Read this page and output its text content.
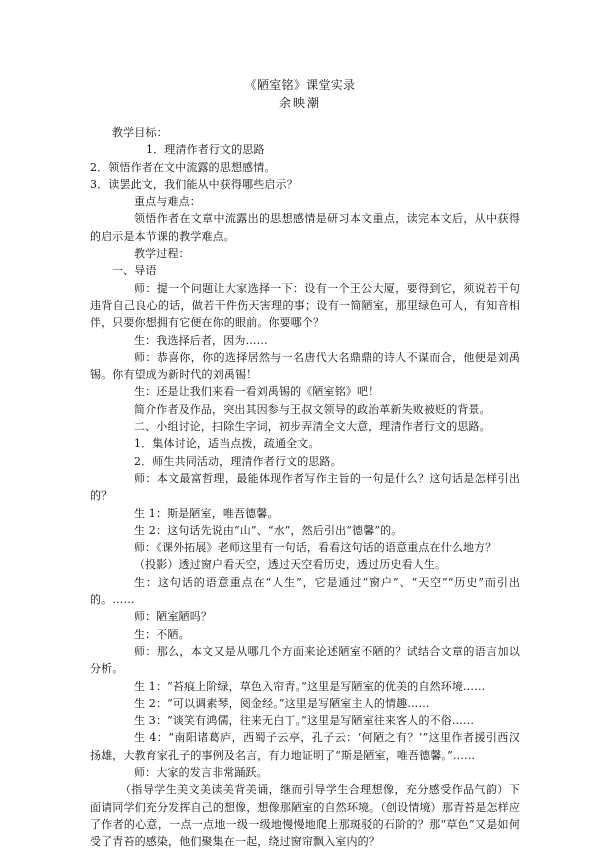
《陋室铭》课堂实录
余映潮

教学目标：

1．理清作者行文的思路

2．领悟作者在文中流露的思想感情。

3．读罢此文，我们能从中获得哪些启示？

重点与难点：

领悟作者在文章中流露出的思想感情是研习本文重点，读完本文后，从中获得的启示是本节课的教学难点。

教学过程：

一、导语

师：提一个问题让大家选择一下：设有一个王公大厦，要得到它，须说若干句违背自己良心的话，做若干件伤天害理的事；设有一简陋室，那里绿色可人，有知音相伴，只要你想拥有它便在你的眼前。你要哪个？

生：我选择后者，因为……

师：恭喜你，你的选择居然与一名唐代大名鼎鼎的诗人不谋而合，他便是刘禹锡。你有望成为新时代的刘禹锡！

生：还是让我们来看一看刘禹锡的《陋室铭》吧！

简介作者及作品，突出其因参与王叔文领导的政治革新失败被贬的背景。

二、小组讨论，扫除生字词，初步弄清全文大意，理清作者行文的思路。

1．集体讨论，适当点拨，疏通全文。

2．师生共同活动，理清作者行文的思路。

师：本文最富哲理，最能体现作者写作主旨的一句是什么？这句话是怎样引出的？

生 1：斯是陋室，唯吾德馨。

生 2：这句话先说由“山”、“水”，然后引出“德馨”的。

师：《课外拓展》老师这里有一句话，看看这句话的语意重点在什么地方？

（投影）透过窗户看天空，透过天空看历史，透过历史看人生。

生：这句话的语意重点在“人生”，它是通过“窗户”、“天空”“历史”而引出的。……

师：陋室陋吗？

生：不陋。

师：那么，本文又是从哪几个方面来论述陋室不陋的？试结合文章的语言加以分析。

生 1：“苔痕上阶绿，草色入帘青。”这里是写陋室的优美的自然环境……

生 2：“可以调素琴，阅金经。”这里是写陋室主人的情趣……

生 3：“谈笑有鸿儒，往来无白丁。”这里是写陋室往来客人的不俗……

生 4：“南阳诸葛庐，西蜀子云亭，孔子云：‘何陋之有？’”这里作者援引西汉扬雄，大教育家孔子的事例及名言，有力地证明了“斯是陋室，唯吾德馨。”……

师：大家的发言非常踊跃。

（指导学生美文美读美背美诵，继而引导学生合理想像，充分感受作品气韵）下面请同学们充分发挥自己的想像，想像那陋室的自然环境。（创设情境）那青苔是怎样应了作者的心意，一点一点地一级一级地慢慢地爬上那斑驳的石阶的？那“草色”又是如何受了青苔的感染，他们聚集在一起，绕过窗帘飘入室内的？
